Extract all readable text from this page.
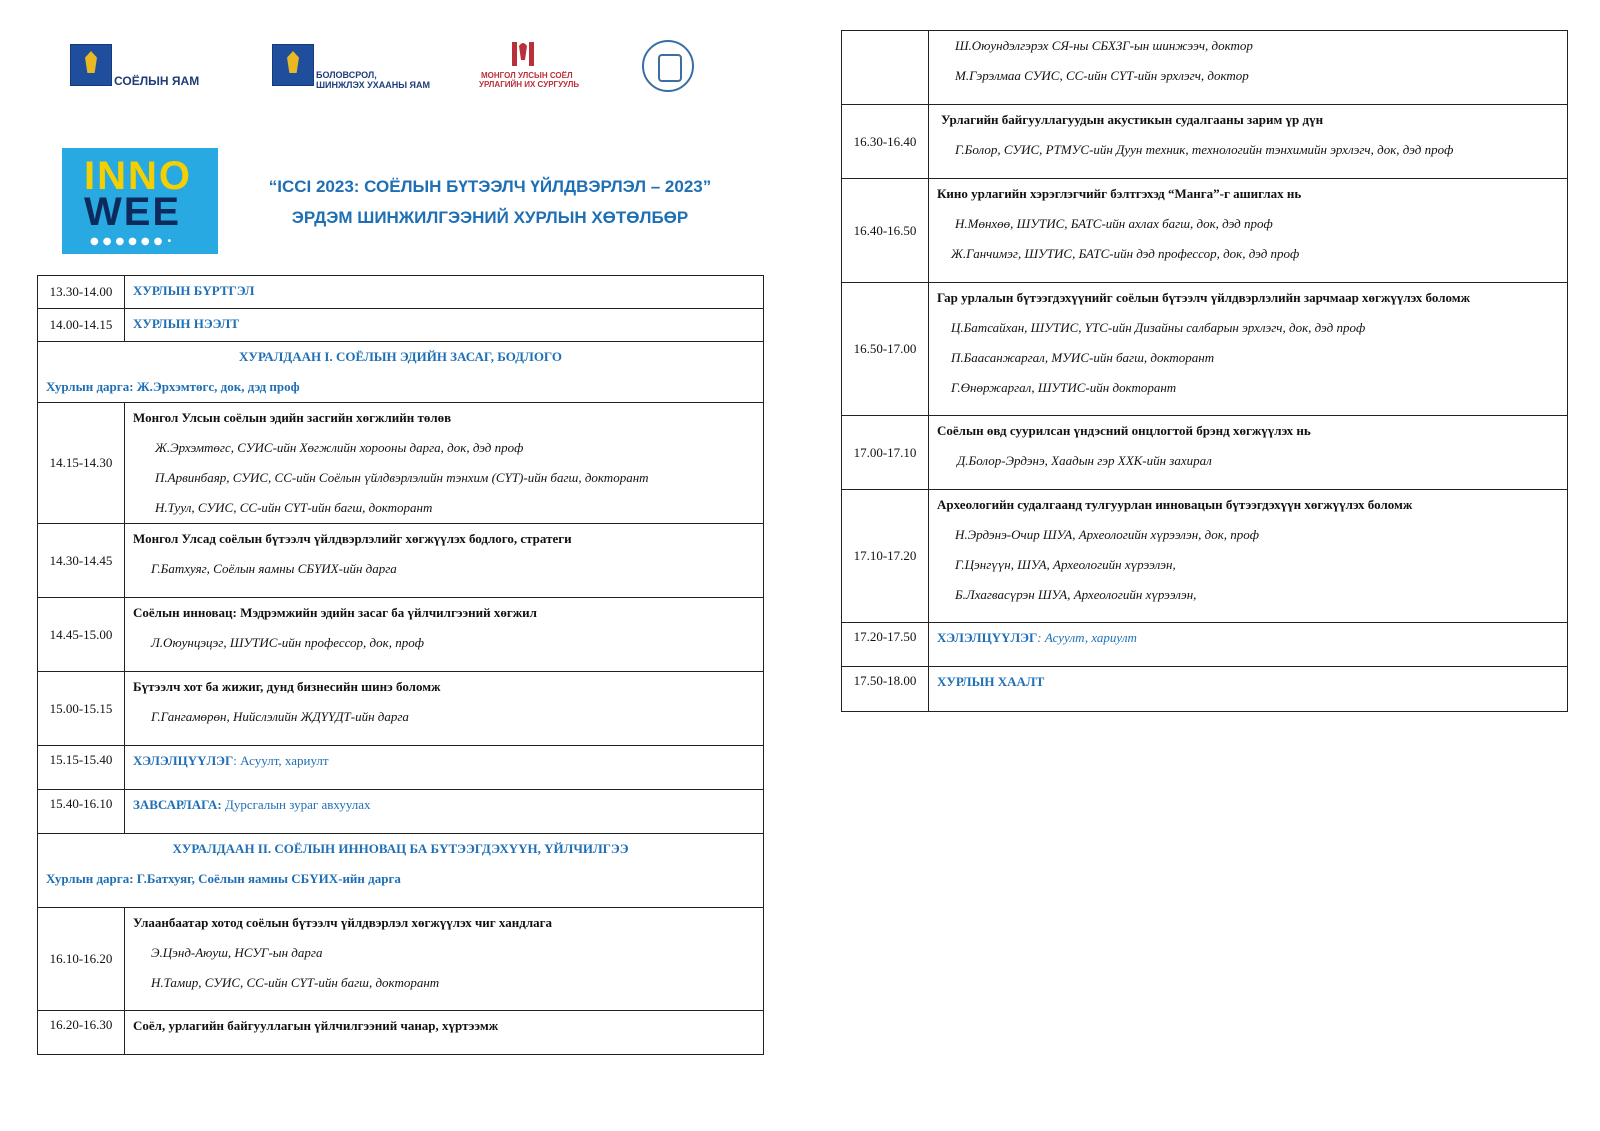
СОЁЛЫН ЯАМ	БОЛОВСРОЛ,
ШИНЖЛЭХ УХААНЫ ЯАМ
МОНГОЛ УЛСЫН СОЁЛ
УРЛАГИЙН ИХ СУРГУУЛЬ
INNO
WEE
●●●●●●•
“ICCI 2023: СОЁЛЫН БҮТЭЭЛЧ ҮЙЛДВЭРЛЭЛ – 2023”
ЭРДЭМ ШИНЖИЛГЭЭНИЙ ХУРЛЫН ХӨТӨЛБӨР
13.30-14.00	ХУРЛЫН БҮРТГЭЛ

14.00-14.15	ХУРЛЫН НЭЭЛТ

ХУРАЛДААН I. СОЁЛЫН ЭДИЙН ЗАСАГ, БОДЛОГО
Хурлын дарга: Ж.Эрхэмтөгс, док, дэд проф	

14.15-14.30	Монгол Улсын соёлын эдийн засгийн хөгжлийн төлөв
Ж.Эрхэмтөгс, СУИС-ийн Хөгжлийн хорооны дарга, док, дэд проф
П.Арвинбаяр, СУИС, СС-ийн Соёлын үйлдвэрлэлийн тэнхим (СҮТ)-ийн багш, докторант
Н.Туул, СУИС, СС-ийн СҮТ-ийн багш, докторант

14.30-14.45	Монгол Улсад соёлын бүтээлч үйлдвэрлэлийг хөгжүүлэх бодлого, стратеги
Г.Батхуяг, Соёлын яамны СБҮИХ-ийн дарга

14.45-15.00	Соёлын инновац: Мэдрэмжийн эдийн засаг ба үйлчилгээний хөгжил
Л.Оюунцэцэг, ШУТИС-ийн профессор, док, проф

15.00-15.15	Бүтээлч хот ба жижиг, дунд бизнесийн шинэ боломж
Г.Гангамөрөн, Нийслэлийн ЖДҮҮДТ-ийн дарга

15.15-15.40	ХЭЛЭЛЦҮҮЛЭГ: Асуулт, хариулт

15.40-16.10	ЗАВСАРЛАГА: Дурсгалын зураг авхуулах

ХУРАЛДААН II. СОЁЛЫН ИННОВАЦ БА БҮТЭЭГДЭХҮҮН, ҮЙЛЧИЛГЭЭ
Хурлын дарга: Г.Батхуяг, Соёлын яамны СБҮИХ-ийн дарга	

16.10-16.20	Улаанбаатар хотод соёлын бүтээлч үйлдвэрлэл хөгжүүлэх чиг хандлага
Э.Цэнд-Аюуш, НСУГ-ын дарга
Н.Тамир, СУИС, СС-ийн СҮТ-ийн багш, докторант

16.20-16.30	Соёл, урлагийн байгууллагын үйлчилгээний чанар, хүртээмж

	Ш.Оюундэлгэрэх СЯ-ны СБХЗГ-ын шинжээч, доктор
М.Гэрэлмаа СУИС, СС-ийн СҮТ-ийн эрхлэгч, доктор

16.30-16.40	Урлагийн байгууллагуудын акустикын судалгааны зарим үр дүн
Г.Болор, СУИС, РТМУС-ийн Дуун техник, технологийн тэнхимийн эрхлэгч, док, дэд проф

16.40-16.50	Кино урлагийн хэрэглэгчийг бэлтгэхэд “Манга”-г ашиглах нь
Н.Мөнхөө, ШУТИС, БАТС-ийн ахлах багш, док, дэд проф
Ж.Ганчимэг, ШУТИС, БАТС-ийн дэд профессор, док, дэд проф

16.50-17.00	Гар урлалын бүтээгдэхүүнийг соёлын бүтээлч үйлдвэрлэлийн зарчмаар хөгжүүлэх боломж
Ц.Батсайхан, ШУТИС, ҮТС-ийн Дизайны салбарын эрхлэгч, док, дэд проф
П.Баасанжаргал, МУИС-ийн багш, докторант
Г.Өнөржаргал, ШУТИС-ийн докторант

17.00-17.10	Соёлын өвд суурилсан үндэсний онцлогтой брэнд хөгжүүлэх нь
Д.Болор-Эрдэнэ, Хаадын гэр ХХК-ийн захирал

17.10-17.20	Археологийн судалгаанд тулгуурлан инновацын бүтээгдэхүүн хөгжүүлэх боломж
Н.Эрдэнэ-Очир ШУА, Археологийн хүрээлэн, док, проф
Г.Цэнгүүн, ШУА, Археологийн хүрээлэн,
Б.Лхагвасүрэн ШУА, Археологийн хүрээлэн,

17.20-17.50	ХЭЛЭЛЦҮҮЛЭГ: Асуулт, хариулт

17.50-18.00	ХУРЛЫН ХААЛТ
